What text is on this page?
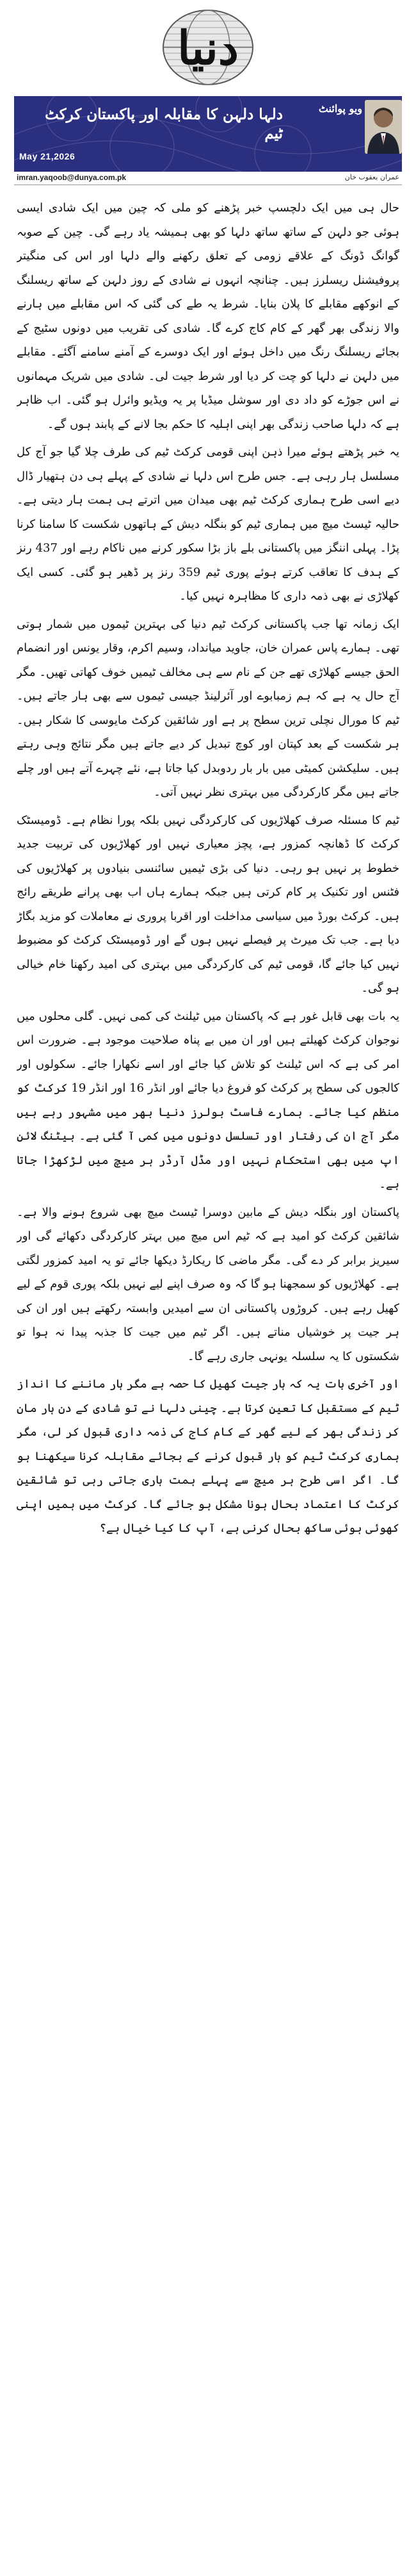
دنیا
دلہا دلہن کا مقابلہ اور پاکستان کرکٹ ٹیم
May 21,2026
ویو پوائنٹ
imran.yaqoob@dunya.com.pk	عمران یعقوب خان

حال ہی میں ایک دلچسپ خبر پڑھنے کو ملی کہ چین میں ایک شادی ایسی ہوئی جو دلہن کے ساتھ ساتھ دلہا کو بھی ہمیشہ یاد رہے گی۔ چین کے صوبہ گوانگ ڈونگ کے علاقے زومی کے تعلق رکھنے والے دلہا اور اس کی منگیتر پروفیشنل ریسلرز ہیں۔ چنانچہ انہوں نے شادی کے روز دلہن کے ساتھ ریسلنگ کے انوکھے مقابلے کا پلان بنایا۔ شرط یہ طے کی گئی کہ اس مقابلے میں ہارنے والا زندگی بھر گھر کے کام کاج کرے گا۔ شادی کی تقریب میں دونوں سٹیج کے بجائے ریسلنگ رنگ میں داخل ہوئے اور ایک دوسرے کے آمنے سامنے آگئے۔ مقابلے میں دلہن نے دلہا کو چت کر دیا اور شرط جیت لی۔ شادی میں شریک مہمانوں نے اس جوڑے کو داد دی اور سوشل میڈیا پر یہ ویڈیو وائرل ہو گئی۔ اب ظاہر ہے کہ دلہا صاحب زندگی بھر اپنی اہلیہ کا حکم بجا لانے کے پابند ہوں گے۔

یہ خبر پڑھتے ہوئے میرا ذہن اپنی قومی کرکٹ ٹیم کی طرف چلا گیا جو آج کل مسلسل ہار رہی ہے۔ جس طرح اس دلہا نے شادی کے پہلے ہی دن ہتھیار ڈال دیے اسی طرح ہماری کرکٹ ٹیم بھی میدان میں اترتے ہی ہمت ہار دیتی ہے۔ حالیہ ٹیسٹ میچ میں ہماری ٹیم کو بنگلہ دیش کے ہاتھوں شکست کا سامنا کرنا پڑا۔ پہلی اننگز میں پاکستانی بلے باز بڑا سکور کرنے میں ناکام رہے اور 437 رنز کے ہدف کا تعاقب کرتے ہوئے پوری ٹیم 359 رنز پر ڈھیر ہو گئی۔ کسی ایک کھلاڑی نے بھی ذمہ داری کا مظاہرہ نہیں کیا۔

ایک زمانہ تھا جب پاکستانی کرکٹ ٹیم دنیا کی بہترین ٹیموں میں شمار ہوتی تھی۔ ہمارے پاس عمران خان، جاوید میانداد، وسیم اکرم، وقار یونس اور انضمام الحق جیسے کھلاڑی تھے جن کے نام سے ہی مخالف ٹیمیں خوف کھاتی تھیں۔ مگر آج حال یہ ہے کہ ہم زمبابوے اور آئرلینڈ جیسی ٹیموں سے بھی ہار جاتے ہیں۔ ٹیم کا مورال نچلی ترین سطح پر ہے اور شائقین کرکٹ مایوسی کا شکار ہیں۔ ہر شکست کے بعد کپتان اور کوچ تبدیل کر دیے جاتے ہیں مگر نتائج وہی رہتے ہیں۔ سلیکشن کمیٹی میں بار بار ردوبدل کیا جاتا ہے، نئے چہرے آتے ہیں اور چلے جاتے ہیں مگر کارکردگی میں بہتری نظر نہیں آتی۔

ٹیم کا مسئلہ صرف کھلاڑیوں کی کارکردگی نہیں بلکہ پورا نظام ہے۔ ڈومیسٹک کرکٹ کا ڈھانچہ کمزور ہے، پچز معیاری نہیں اور کھلاڑیوں کی تربیت جدید خطوط پر نہیں ہو رہی۔ دنیا کی بڑی ٹیمیں سائنسی بنیادوں پر کھلاڑیوں کی فٹنس اور تکنیک پر کام کرتی ہیں جبکہ ہمارے ہاں اب بھی پرانے طریقے رائج ہیں۔ کرکٹ بورڈ میں سیاسی مداخلت اور اقربا پروری نے معاملات کو مزید بگاڑ دیا ہے۔ جب تک میرٹ پر فیصلے نہیں ہوں گے اور ڈومیسٹک کرکٹ کو مضبوط نہیں کیا جائے گا، قومی ٹیم کی کارکردگی میں بہتری کی امید رکھنا خام خیالی ہو گی۔

یہ بات بھی قابل غور ہے کہ پاکستان میں ٹیلنٹ کی کمی نہیں۔ گلی محلوں میں نوجوان کرکٹ کھیلتے ہیں اور ان میں بے پناہ صلاحیت موجود ہے۔ ضرورت اس امر کی ہے کہ اس ٹیلنٹ کو تلاش کیا جائے اور اسے نکھارا جائے۔ سکولوں اور کالجوں کی سطح پر کرکٹ کو فروغ دیا جائے اور انڈر 16 اور انڈر 19 کرکٹ کو منظم کیا جائے۔ ہمارے فاسٹ بولرز دنیا بھر میں مشہور رہے ہیں مگر آج ان کی رفتار اور تسلسل دونوں میں کمی آ گئی ہے۔ بیٹنگ لائن اپ میں بھی استحکام نہیں اور مڈل آرڈر ہر میچ میں لڑکھڑا جاتا ہے۔

پاکستان اور بنگلہ دیش کے مابین دوسرا ٹیسٹ میچ بھی شروع ہونے والا ہے۔ شائقین کرکٹ کو امید ہے کہ ٹیم اس میچ میں بہتر کارکردگی دکھائے گی اور سیریز برابر کر دے گی۔ مگر ماضی کا ریکارڈ دیکھا جائے تو یہ امید کمزور لگتی ہے۔ کھلاڑیوں کو سمجھنا ہو گا کہ وہ صرف اپنے لیے نہیں بلکہ پوری قوم کے لیے کھیل رہے ہیں۔ کروڑوں پاکستانی ان سے امیدیں وابستہ رکھتے ہیں اور ان کی ہر جیت پر خوشیاں مناتے ہیں۔ اگر ٹیم میں جیت کا جذبہ پیدا نہ ہوا تو شکستوں کا یہ سلسلہ یونہی جاری رہے گا۔

اور آخری بات یہ کہ ہار جیت کھیل کا حصہ ہے مگر ہار ماننے کا انداز ٹیم کے مستقبل کا تعین کرتا ہے۔ چینی دلہا نے تو شادی کے دن ہار مان کر زندگی بھر کے لیے گھر کے کام کاج کی ذمہ داری قبول کر لی، مگر ہماری کرکٹ ٹیم کو ہار قبول کرنے کے بجائے مقابلہ کرنا سیکھنا ہو گا۔ اگر اسی طرح ہر میچ سے پہلے ہمت ہاری جاتی رہی تو شائقین کرکٹ کا اعتماد بحال ہونا مشکل ہو جائے گا۔ کرکٹ میں ہمیں اپنی کھوئی ہوئی ساکھ بحال کرنی ہے، آپ کا کیا خیال ہے؟
